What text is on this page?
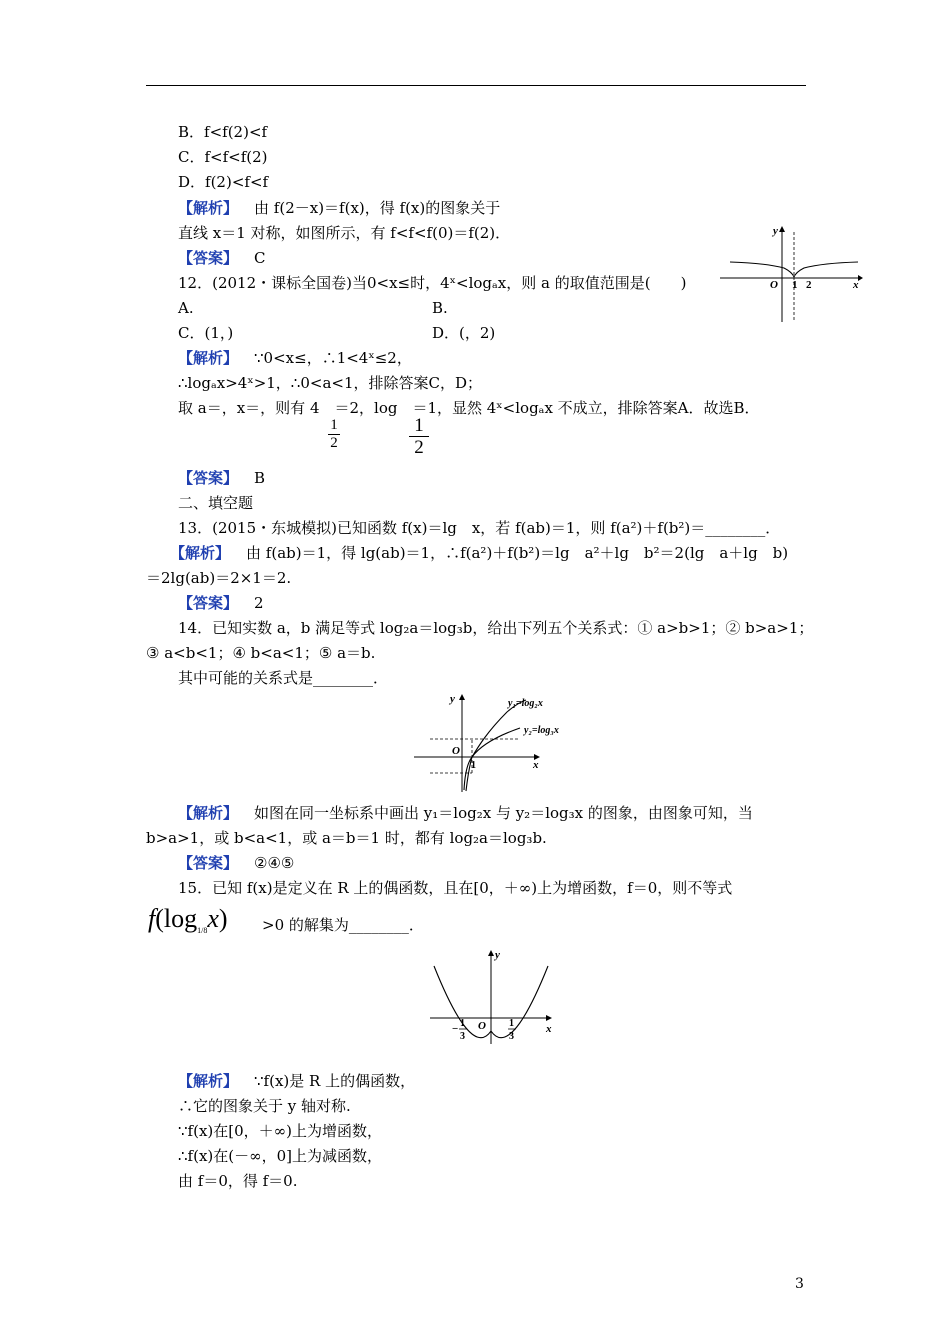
B．f<f(2)<f
C．f<f<f(2)
D．f(2)<f<f
【解析】 由 f(2－x)＝f(x)，得 f(x)的图象关于
直线 x＝1 对称，如图所示，有 f<f<f(0)＝f(2)．
【答案】 C
12．(2012・课标全国卷)当0<x≤时，4ˣ<logₐx，则 a 的取值范围是(　　)
A.	B.
C．(1，)	D．(，2)
【解析】 ∵0<x≤，∴1<4ˣ≤2，
∴logₐx>4ˣ>1，∴0<a<1，排除答案C，D；
取 a＝，x＝，则有 4　＝2，log　＝1，显然 4ˣ<logₐx 不成立，排除答案A．故选B．
1
2
1
2
【答案】 B
二、填空题
13．(2015・东城模拟)已知函数 f(x)＝lg　x，若 f(ab)＝1，则 f(a²)＋f(b²)＝________．
【解析】 由 f(ab)＝1，得 lg(ab)＝1，∴f(a²)＋f(b²)＝lg　a²＋lg　b²＝2(lg　a＋lg　b)
＝2lg(ab)＝2×1＝2.
【答案】 2
14．已知实数 a，b 满足等式 log₂a＝log₃b，给出下列五个关系式：① a>b>1；② b>a>1；
③ a<b<1；④ b<a<1；⑤ a＝b.
其中可能的关系式是________．
【解析】 如图在同一坐标系中画出 y₁＝log₂x 与 y₂＝log₃x 的图象，由图象可知，当
b>a>1，或 b<a<1，或 a＝b＝1 时，都有 log₂a＝log₃b.
【答案】 ②④⑤
15．已知 f(x)是定义在 R 上的偶函数，且在[0，＋∞)上为增函数，f＝0，则不等式
$f(\log_{1/8}x) >0$ 的解集为________．
【解析】 ∵f(x)是 R 上的偶函数，
∴它的图象关于 y 轴对称.
∵f(x)在[0，＋∞)上为增函数，
∴f(x)在(－∞，0]上为减函数，
由 f＝0，得 f＝0.
y
O 1 2	x
y
O
1	x
y₁=log₂x
y₂=log₃x
y
O	x
− 1
3
1
3
3
